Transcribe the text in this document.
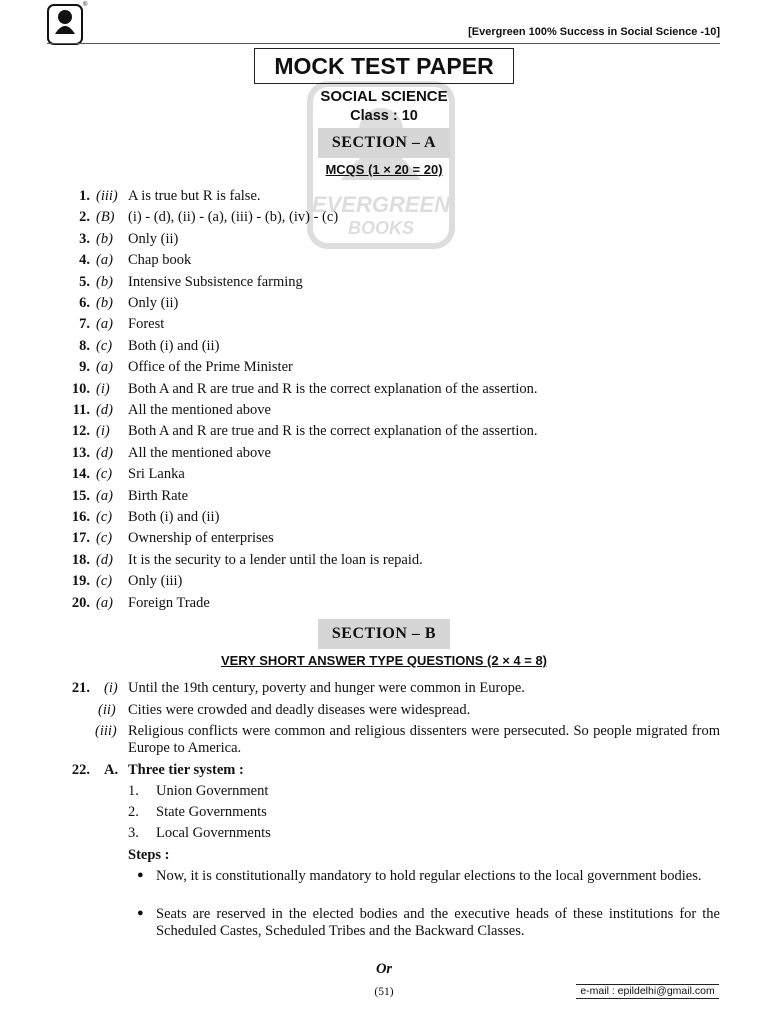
®
[Evergreen 100% Success in Social Science -10]
MOCK TEST PAPER
EVERGREEN
BOOKS
SOCIAL SCIENCE
Class : 10
SECTION – A
MCQS (1 × 20 = 20)
1. (iii) A is true but R is false.
2. (B) (i) - (d), (ii) - (a), (iii) - (b), (iv) - (c)
3. (b) Only (ii)
4. (a) Chap book
5. (b) Intensive Subsistence farming
6. (b) Only (ii)
7. (a) Forest
8. (c) Both (i) and (ii)
9. (a) Office of the Prime Minister
10. (i) Both A and R are true and R is the correct explanation of the assertion.
11. (d) All the mentioned above
12. (i) Both A and R are true and R is the correct explanation of the assertion.
13. (d) All the mentioned above
14. (c) Sri Lanka
15. (a) Birth Rate
16. (c) Both (i) and (ii)
17. (c) Ownership of enterprises
18. (d) It is the security to a lender until the loan is repaid.
19. (c) Only (iii)
20. (a) Foreign Trade
SECTION – B
VERY SHORT ANSWER TYPE QUESTIONS (2 × 4 = 8)
21. (i) Until the 19th century, poverty and hunger were common in Europe.
(ii) Cities were crowded and deadly diseases were widespread.
(iii) Religious conflicts were common and religious dissenters were persecuted. So people migrated from Europe to America.
22. A. Three tier system :
1. Union Government
2. State Governments
3. Local Governments
Steps :
● Now, it is constitutionally mandatory to hold regular elections to the local government bodies.
● Seats are reserved in the elected bodies and the executive heads of these institutions for the Scheduled Castes, Scheduled Tribes and the Backward Classes.
Or
(51)	e-mail : epildelhi@gmail.com
